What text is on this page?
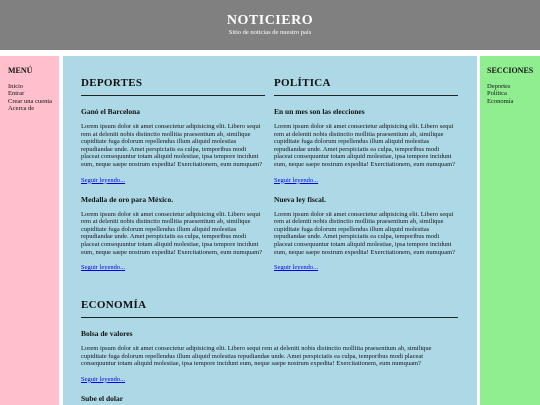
NOTICIERO
Sitio de noticias de nuestro país
MENÚ
Inicio
Entrar
Crear una cuenta
Acerca de
DEPORTES
Ganó el Barcelona
Lorem ipsum dolor sit amet consectetur adipisicing elit. Libero sequi rem at deleniti nobis distinctio mollitia praesentium ab, similique cupiditate fuga dolorum repellendus illum aliquid molestias repudiandae unde. Amet perspiciatis ea culpa, temporibus modi placeat consequuntur totam aliquid molestiae, ipsa tempore incidunt eum, neque saepe nostrum expedita! Exercitationem, eum numquam?
Seguir leyendo...
Medalla de oro para México.
Lorem ipsum dolor sit amet consectetur adipisicing elit. Libero sequi rem at deleniti nobis distinctio mollitia praesentium ab, similique cupiditate fuga dolorum repellendus illum aliquid molestias repudiandae unde. Amet perspiciatis ea culpa, temporibus modi placeat consequuntur totam aliquid molestiae, ipsa tempore incidunt eum, neque saepe nostrum expedita! Exercitationem, eum numquam?
Seguir leyendo...
POLÍTICA
En un mes son las elecciones
Lorem ipsum dolor sit amet consectetur adipisicing elit. Libero sequi rem at deleniti nobis distinctio mollitia praesentium ab, similique cupiditate fuga dolorum repellendus illum aliquid molestias repudiandae unde. Amet perspiciatis ea culpa, temporibus modi placeat consequuntur totam aliquid molestiae, ipsa tempore incidunt eum, neque saepe nostrum expedita! Exercitationem, eum numquam?
Seguir leyendo...
Nueva ley fiscal.
Lorem ipsum dolor sit amet consectetur adipisicing elit. Libero sequi rem at deleniti nobis distinctio mollitia praesentium ab, similique cupiditate fuga dolorum repellendus illum aliquid molestias repudiandae unde. Amet perspiciatis ea culpa, temporibus modi placeat consequuntur totam aliquid molestiae, ipsa tempore incidunt eum, neque saepe nostrum expedita! Exercitationem, eum numquam?
Seguir leyendo...
ECONOMÍA
Bolsa de valores
Lorem ipsum dolor sit amet consectetur adipisicing elit. Libero sequi rem at deleniti nobis distinctio mollitia praesentium ab, similique cupiditate fuga dolorum repellendus illum aliquid molestias repudiandae unde. Amet perspiciatis ea culpa, temporibus modi placeat consequuntur totam aliquid molestiae, ipsa tempore incidunt eum, neque saepe nostrum expedita! Exercitationem, eum numquam?
Seguir leyendo...
Sube el dolar
SECCIONES
Deportes
Política
Economía
